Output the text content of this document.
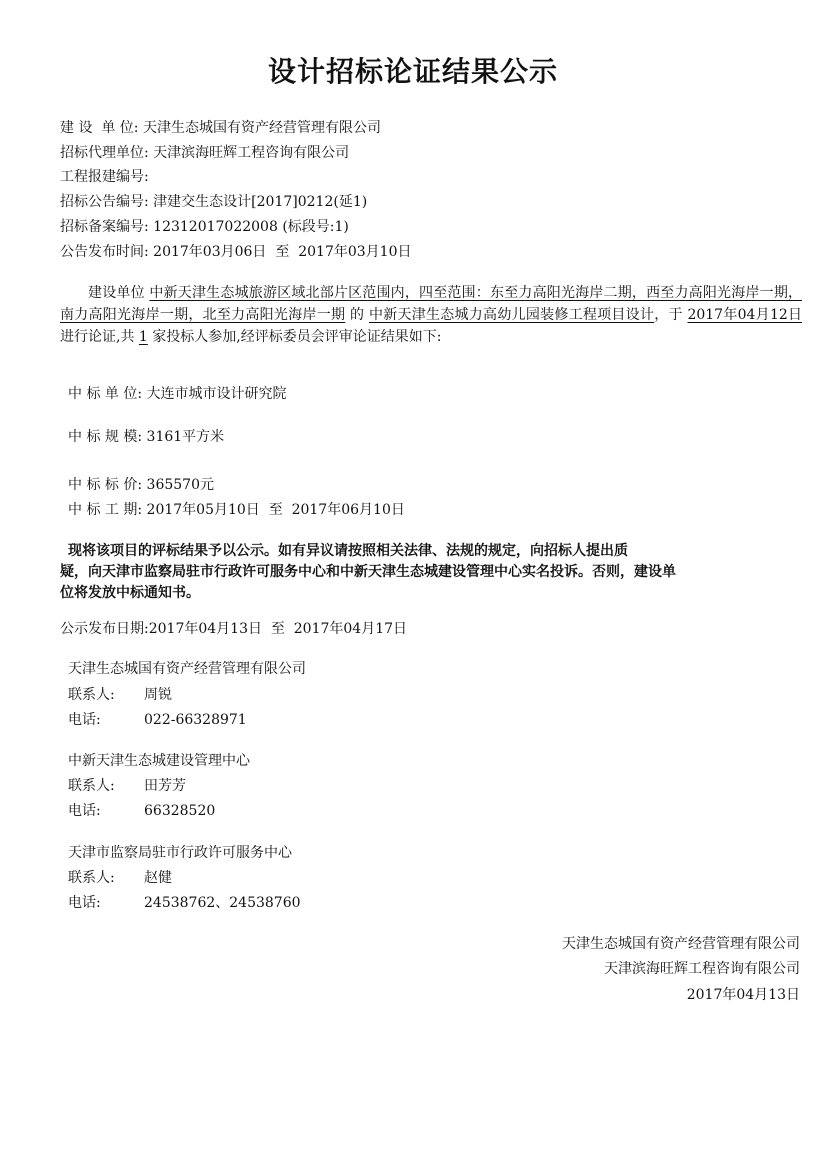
设计招标论证结果公示
建 设  单 位: 天津生态城国有资产经营管理有限公司
招标代理单位: 天津滨海旺辉工程咨询有限公司
工程报建编号:
招标公告编号: 津建交生态设计[2017]0212(延1)
招标备案编号: 12312017022008 (标段号:1)
公告发布时间: 2017年03月06日  至  2017年03月10日
建设单位 中新天津生态城旅游区域北部片区范围内，四至范围：东至力高阳光海岸二期，西至力高阳光海岸一期，南力高阳光海岸一期，北至力高阳光海岸一期 的 中新天津生态城力高幼儿园装修工程项目设计，于 2017年04月12日 进行论证,共 1 家投标人参加,经评标委员会评审论证结果如下:
中 标 单 位: 大连市城市设计研究院
中 标 规 模: 3161平方米
中 标 标 价: 365570元
中 标 工 期: 2017年05月10日  至  2017年06月10日
现将该项目的评标结果予以公示。如有异议请按照相关法律、法规的规定，向招标人提出质
疑，向天津市监察局驻市行政许可服务中心和中新天津生态城建设管理中心实名投诉。否则，建设单
位将发放中标通知书。
公示发布日期:2017年04月13日  至  2017年04月17日
天津生态城国有资产经营管理有限公司
联系人: 周锐
电话:	022-66328971
中新天津生态城建设管理中心
联系人: 田芳芳
电话:	66328520
天津市监察局驻市行政许可服务中心
联系人: 赵健
电话:	24538762、24538760
天津生态城国有资产经营管理有限公司
天津滨海旺辉工程咨询有限公司
2017年04月13日
